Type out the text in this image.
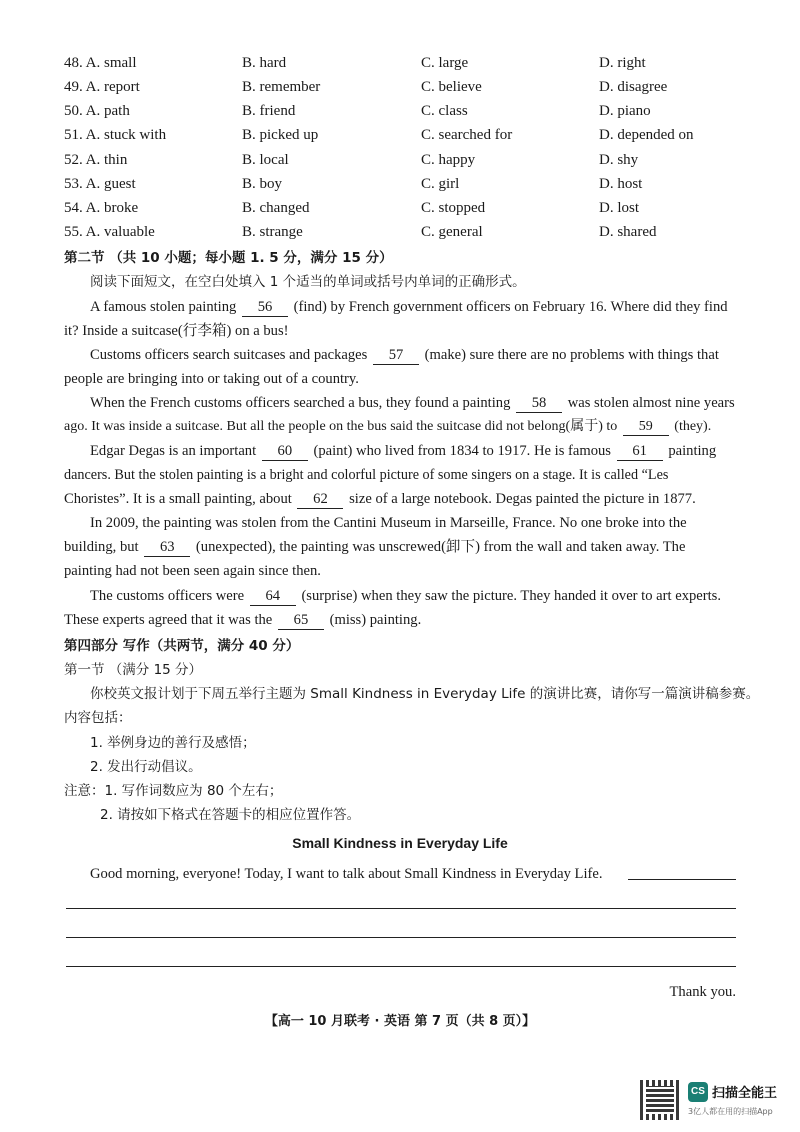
48. A. small	B. hard	C. large	D. right
49. A. report	B. remember	C. believe	D. disagree
50. A. path	B. friend	C. class	D. piano
51. A. stuck with	B. picked up	C. searched for	D. depended on
52. A. thin	B. local	C. happy	D. shy
53. A. guest	B. boy	C. girl	D. host
54. A. broke	B. changed	C. stopped	D. lost
55. A. valuable	B. strange	C. general	D. shared
第二节 （共 10 小题；每小题 1. 5 分，满分 15 分）
阅读下面短文，在空白处填入 1 个适当的单词或括号内单词的正确形式。
A famous stolen painting 56 (find) by French government officers on February 16. Where did they find
it? Inside a suitcase(行李箱) on a bus!
Customs officers search suitcases and packages 57 (make) sure there are no problems with things that
people are bringing into or taking out of a country.
When the French customs officers searched a bus, they found a painting 58 was stolen almost nine years
ago. It was inside a suitcase. But all the people on the bus said the suitcase did not belong(属于) to 59 (they).
Edgar Degas is an important 60 (paint) who lived from 1834 to 1917. He is famous 61 painting
dancers. But the stolen painting is a bright and colorful picture of some singers on a stage. It is called “Les
Choristes”. It is a small painting, about 62 size of a large notebook. Degas painted the picture in 1877.
In 2009, the painting was stolen from the Cantini Museum in Marseille, France. No one broke into the
building, but 63 (unexpected), the painting was unscrewed(卸下) from the wall and taken away. The
painting had not been seen again since then.
The customs officers were 64 (surprise) when they saw the picture. They handed it over to art experts.
These experts agreed that it was the 65 (miss) painting.
第四部分 写作（共两节，满分 40 分）
第一节 （满分 15 分）
你校英文报计划于下周五举行主题为 Small Kindness in Everyday Life 的演讲比赛，请你写一篇演讲稿参赛。
内容包括：
1. 举例身边的善行及感悟；
2. 发出行动倡议。
注意：1. 写作词数应为 80 个左右；
2. 请按如下格式在答题卡的相应位置作答。
Small Kindness in Everyday Life
Good morning, everyone! Today, I want to talk about Small Kindness in Everyday Life.
Thank you.
【高一 10 月联考 · 英语 第 7 页（共 8 页）】
CS 扫描全能王
3亿人都在用的扫描App
